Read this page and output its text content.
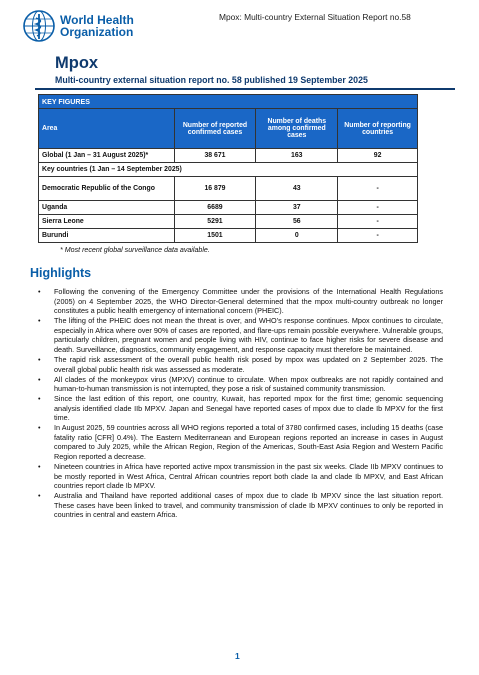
World Health
Organization
Mpox: Multi-country External Situation Report no.58
Mpox
Multi-country external situation report no. 58 published 19 September 2025
KEY FIGURES			
Area	Number of reported confirmed cases	Number of deaths among confirmed cases	Number of reporting countries
Global (1 Jan – 31 August 2025)*	38 671	163	92
Key countries (1 Jan – 14 September 2025)			
Democratic Republic of the Congo	16 879	43	-
Uganda	6689	37	-
Sierra Leone	5291	56	-
Burundi	1501	0	-
* Most recent global surveillance data available.
Highlights
• Following the convening of the Emergency Committee under the provisions of the International Health Regulations (2005) on 4 September 2025, the WHO Director-General determined that the mpox multi-country outbreak no longer constitutes a public health emergency of international concern (PHEIC).
• The lifting of the PHEIC does not mean the threat is over, and WHO’s response continues. Mpox continues to circulate, especially in Africa where over 90% of cases are reported, and flare-ups remain possible everywhere. Vulnerable groups, particularly children, pregnant women and people living with HIV, continue to face higher risks for severe disease and death. Surveillance, diagnostics, community engagement, and response capacity must therefore be maintained.
• The rapid risk assessment of the overall public health risk posed by mpox was updated on 2 September 2025. The overall global public health risk was assessed as moderate.
• All clades of the monkeypox virus (MPXV) continue to circulate. When mpox outbreaks are not rapidly contained and human-to-human transmission is not interrupted, they pose a risk of sustained community transmission.
• Since the last edition of this report, one country, Kuwait, has reported mpox for the first time; genomic sequencing analysis identified clade IIb MPXV. Japan and Senegal have reported cases of mpox due to clade Ib MPXV for the first time.
• In August 2025, 59 countries across all WHO regions reported a total of 3780 confirmed cases, including 15 deaths (case fatality ratio [CFR] 0.4%). The Eastern Mediterranean and European regions reported an increase in cases in August compared to July 2025, while the African Region, Region of the Americas, South-East Asia Region and Western Pacific Region reported a decrease.
• Nineteen countries in Africa have reported active mpox transmission in the past six weeks. Clade IIb MPXV continues to be mostly reported in West Africa, Central African countries report both clade Ia and clade Ib MPXV, and East African countries report clade Ib MPXV.
• Australia and Thailand have reported additional cases of mpox due to clade Ib MPXV since the last situation report. These cases have been linked to travel, and community transmission of clade Ib MPXV continues to only be reported in countries in central and eastern Africa.
1
